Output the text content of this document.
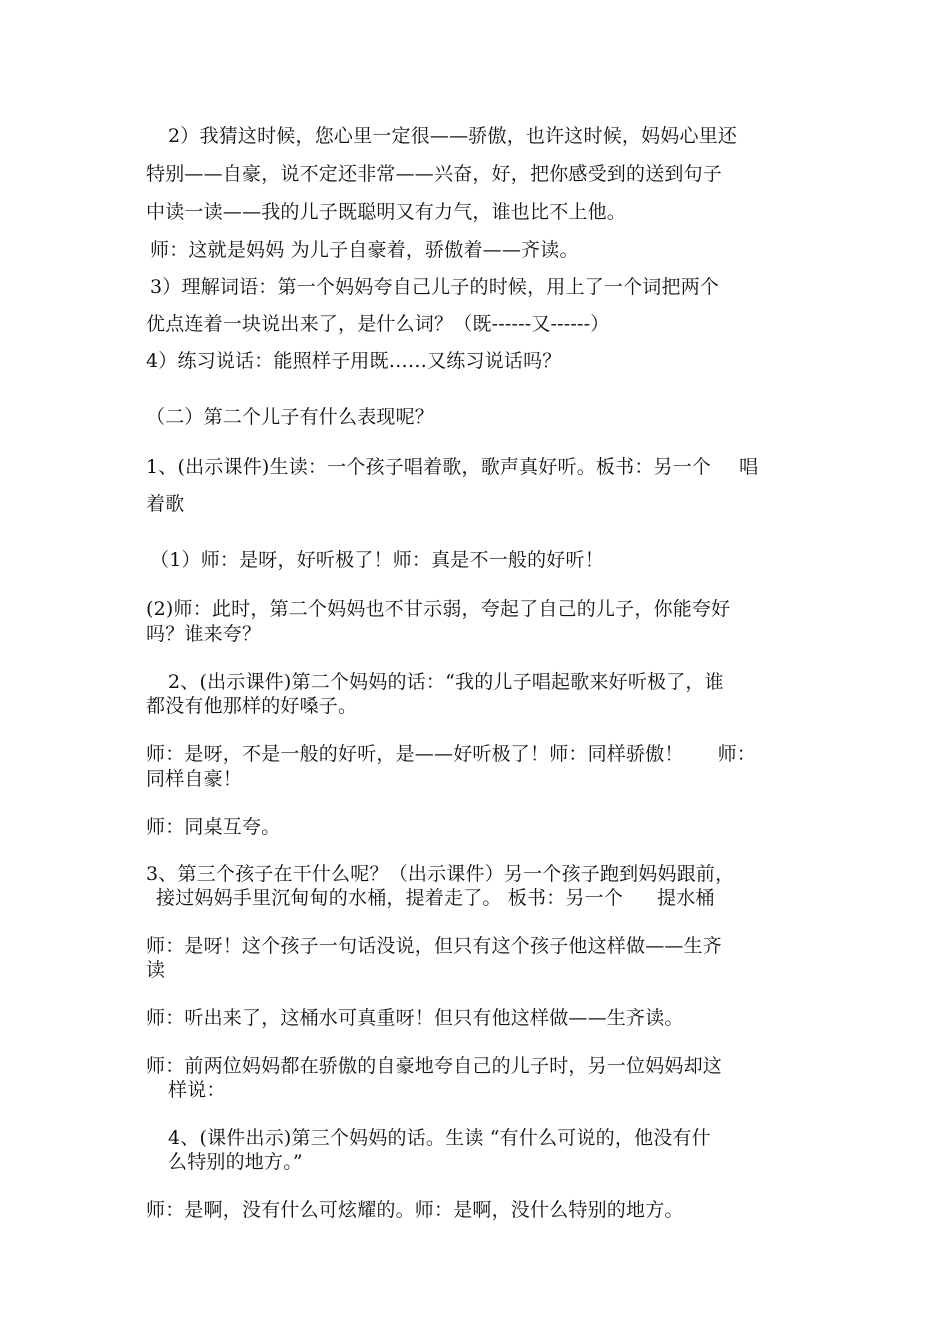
2）我猜这时候，您心里一定很——骄傲，也许这时候，妈妈心里还
特别——自豪，说不定还非常——兴奋，好，把你感受到的送到句子
中读一读——我的儿子既聪明又有力气，谁也比不上他。
师：这就是妈妈 为儿子自豪着，骄傲着——齐读。
3）理解词语：第一个妈妈夸自己儿子的时候，用上了一个词把两个
优点连着一块说出来了，是什么词？（既------又------）
4）练习说话：能照样子用既……又练习说话吗？
（二）第二个儿子有什么表现呢？
1、(出示课件)生读：一个孩子唱着歌，歌声真好听。板书：另一个 唱
着歌
（1）师：是呀，好听极了！师：真是不一般的好听！
(2)师：此时，第二个妈妈也不甘示弱，夸起了自己的儿子，你能夸好
吗？谁来夸？
2、(出示课件)第二个妈妈的话：“我的儿子唱起歌来好听极了，谁
都没有他那样的好嗓子。
师：是呀，不是一般的好听，是——好听极了！师：同样骄傲！ 师：
同样自豪！
师：同桌互夸。
3、第三个孩子在干什么呢？（出示课件）另一个孩子跑到妈妈跟前，
接过妈妈手里沉甸甸的水桶，提着走了。 板书：另一个 提水桶
师：是呀！这个孩子一句话没说，但只有这个孩子他这样做——生齐
读
师：听出来了，这桶水可真重呀！但只有他这样做——生齐读。
师：前两位妈妈都在骄傲的自豪地夸自己的儿子时，另一位妈妈却这
样说：
4、(课件出示)第三个妈妈的话。生读 “有什么可说的，他没有什
么特别的地方。”
师：是啊，没有什么可炫耀的。师：是啊，没什么特别的地方。
